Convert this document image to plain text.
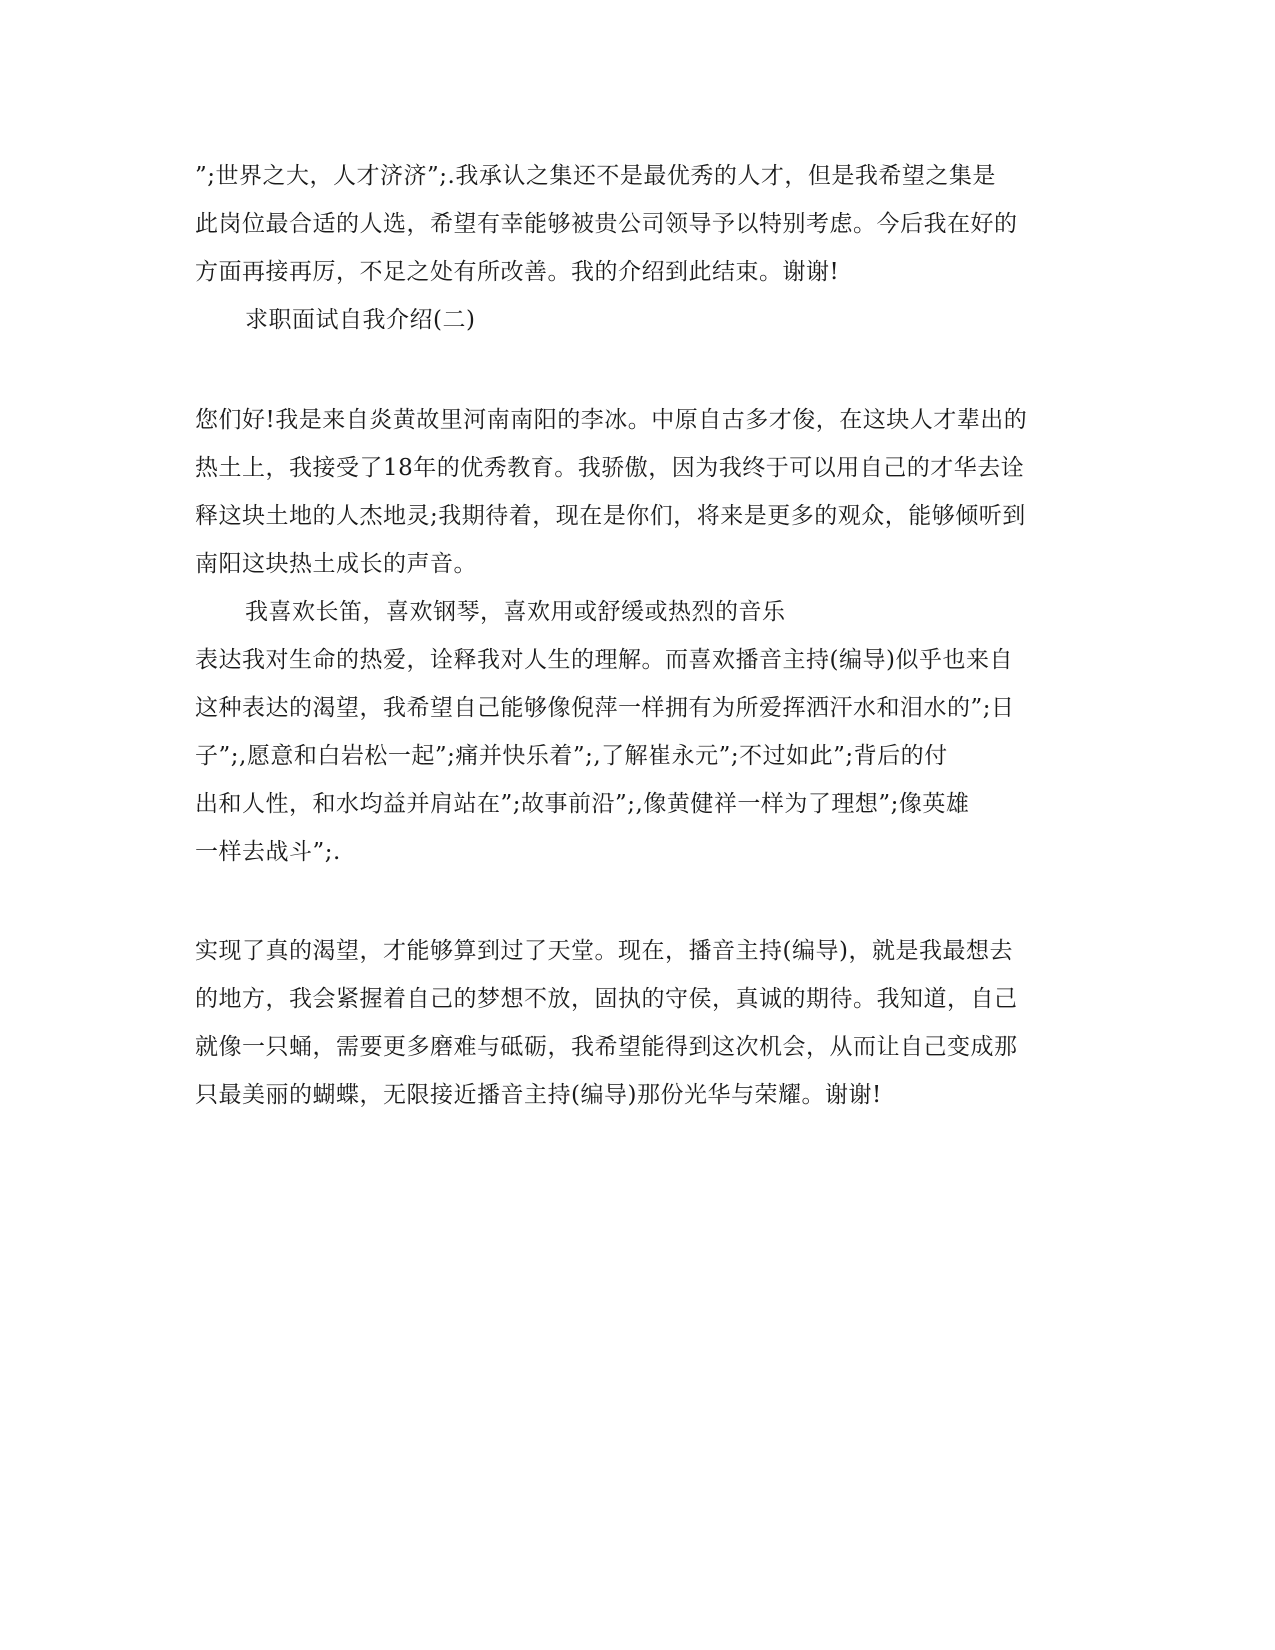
”;世界之大，人才济济”;.我承认之集还不是最优秀的人才，但是我希望之集是
此岗位最合适的人选，希望有幸能够被贵公司领导予以特别考虑。今后我在好的
方面再接再厉，不足之处有所改善。我的介绍到此结束。谢谢!
求职面试自我介绍(二)
您们好!我是来自炎黄故里河南南阳的李冰。中原自古多才俊，在这块人才辈出的
热土上，我接受了18年的优秀教育。我骄傲，因为我终于可以用自己的才华去诠
释这块土地的人杰地灵;我期待着，现在是你们，将来是更多的观众，能够倾听到
南阳这块热土成长的声音。
我喜欢长笛，喜欢钢琴，喜欢用或舒缓或热烈的音乐
表达我对生命的热爱，诠释我对人生的理解。而喜欢播音主持(编导)似乎也来自
这种表达的渴望，我希望自己能够像倪萍一样拥有为所爱挥洒汗水和泪水的”;日
子”;,愿意和白岩松一起”;痛并快乐着”;,了解崔永元”;不过如此”;背后的付
出和人性，和水均益并肩站在”;故事前沿”;,像黄健祥一样为了理想”;像英雄
一样去战斗”;.
实现了真的渴望，才能够算到过了天堂。现在，播音主持(编导)，就是我最想去
的地方，我会紧握着自己的梦想不放，固执的守侯，真诚的期待。我知道，自己
就像一只蛹，需要更多磨难与砥砺，我希望能得到这次机会，从而让自己变成那
只最美丽的蝴蝶，无限接近播音主持(编导)那份光华与荣耀。谢谢!
